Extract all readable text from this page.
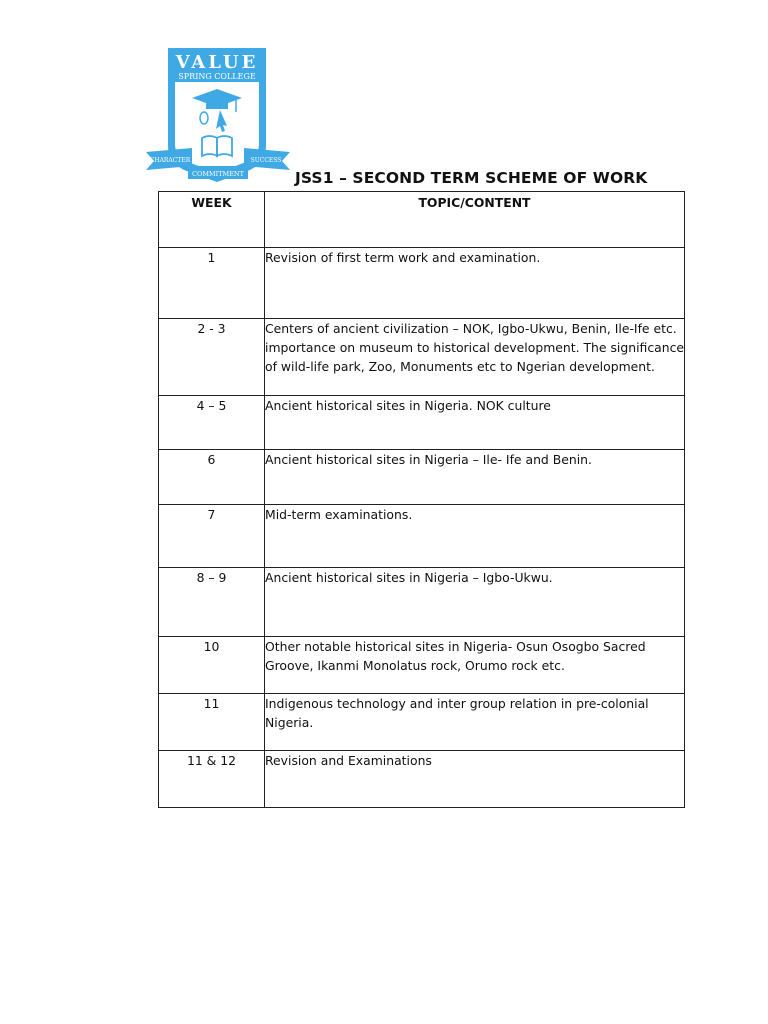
VALUE
SPRING COLLEGE
CHARACTER	SUCCESS
COMMITMENT	JSS1 – SECOND TERM SCHEME OF WORK
WEEK	TOPIC/CONTENT
1	Revision of first term work and examination.
2 - 3	Centers of ancient civilization – NOK, Igbo-Ukwu, Benin, Ile-Ife etc. importance on museum to historical development. The significance of wild-life park, Zoo, Monuments etc to Ngerian development.
4 – 5	Ancient historical sites in Nigeria. NOK culture
6	Ancient historical sites in Nigeria – Ile- Ife and Benin.
7	Mid-term examinations.
8 – 9	Ancient historical sites in Nigeria – Igbo-Ukwu.
10	Other notable historical sites in Nigeria- Osun Osogbo Sacred Groove, Ikanmi Monolatus rock, Orumo rock etc.
11	Indigenous technology and inter group relation in pre-colonial Nigeria.
11 & 12	Revision and Examinations
